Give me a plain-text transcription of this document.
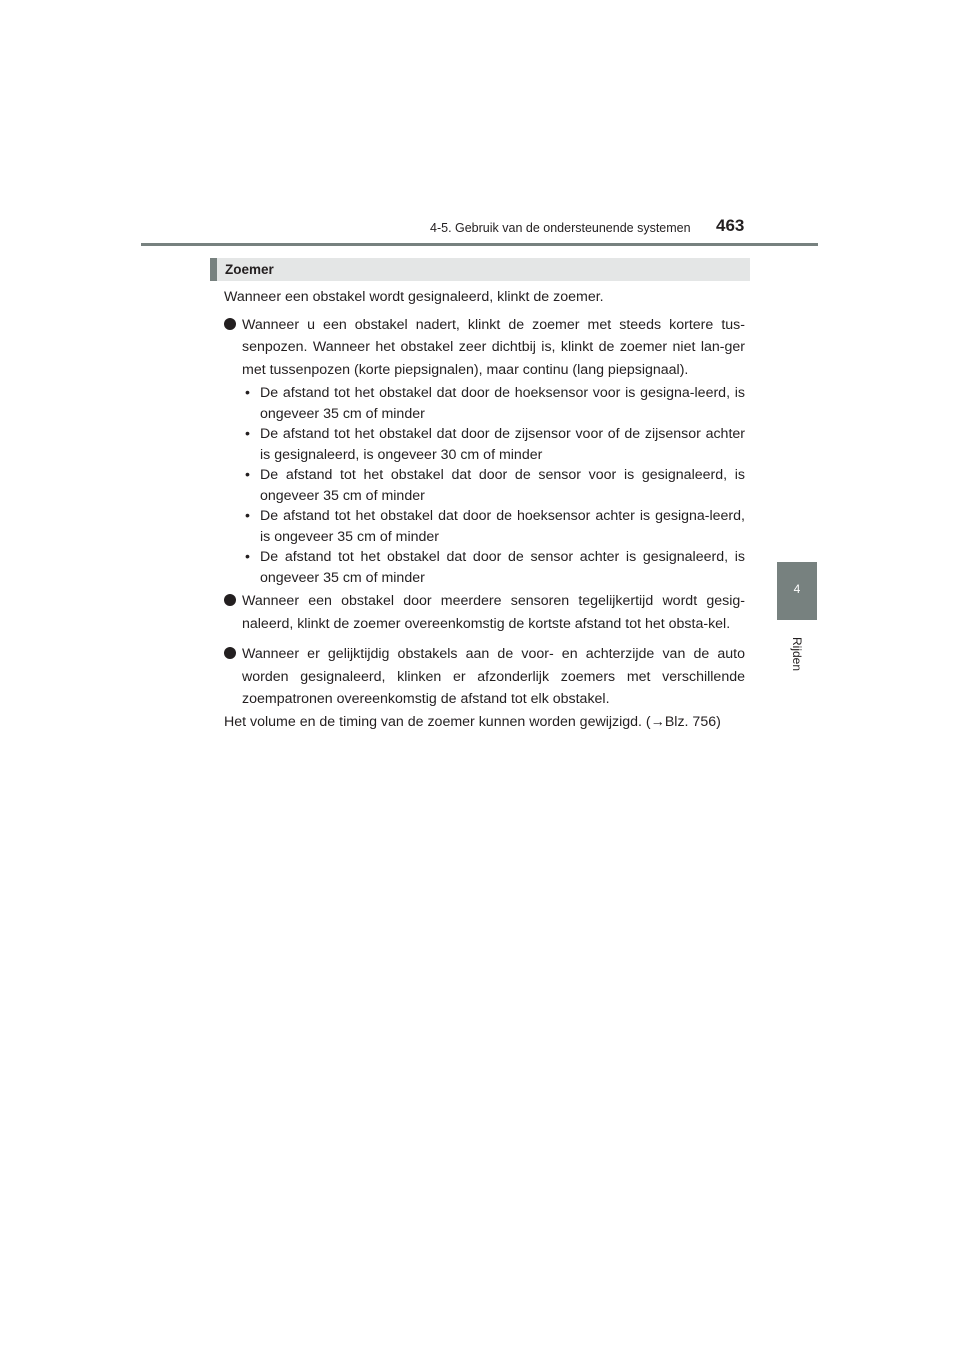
4-5. Gebruik van de ondersteunende systemen 463
4
Rijden
Zoemer

Wanneer een obstakel wordt gesignaleerd, klinkt de zoemer.

Wanneer u een obstakel nadert, klinkt de zoemer met steeds kortere tus-senpozen. Wanneer het obstakel zeer dichtbij is, klinkt de zoemer niet lan-ger met tussenpozen (korte piepsignalen), maar continu (lang piepsignaal).
• De afstand tot het obstakel dat door de hoeksensor voor is gesigna-leerd, is ongeveer 35 cm of minder
• De afstand tot het obstakel dat door de zijsensor voor of de zijsensor achter is gesignaleerd, is ongeveer 30 cm of minder
• De afstand tot het obstakel dat door de sensor voor is gesignaleerd, is ongeveer 35 cm of minder
• De afstand tot het obstakel dat door de hoeksensor achter is gesigna-leerd, is ongeveer 35 cm of minder
• De afstand tot het obstakel dat door de sensor achter is gesignaleerd, is ongeveer 35 cm of minder
Wanneer een obstakel door meerdere sensoren tegelijkertijd wordt gesig-naleerd, klinkt de zoemer overeenkomstig de kortste afstand tot het obsta-kel.
Wanneer er gelijktijdig obstakels aan de voor- en achterzijde van de auto worden gesignaleerd, klinken er afzonderlijk zoemers met verschillende zoempatronen overeenkomstig de afstand tot elk obstakel.

Het volume en de timing van de zoemer kunnen worden gewijzigd. (→Blz. 756)
